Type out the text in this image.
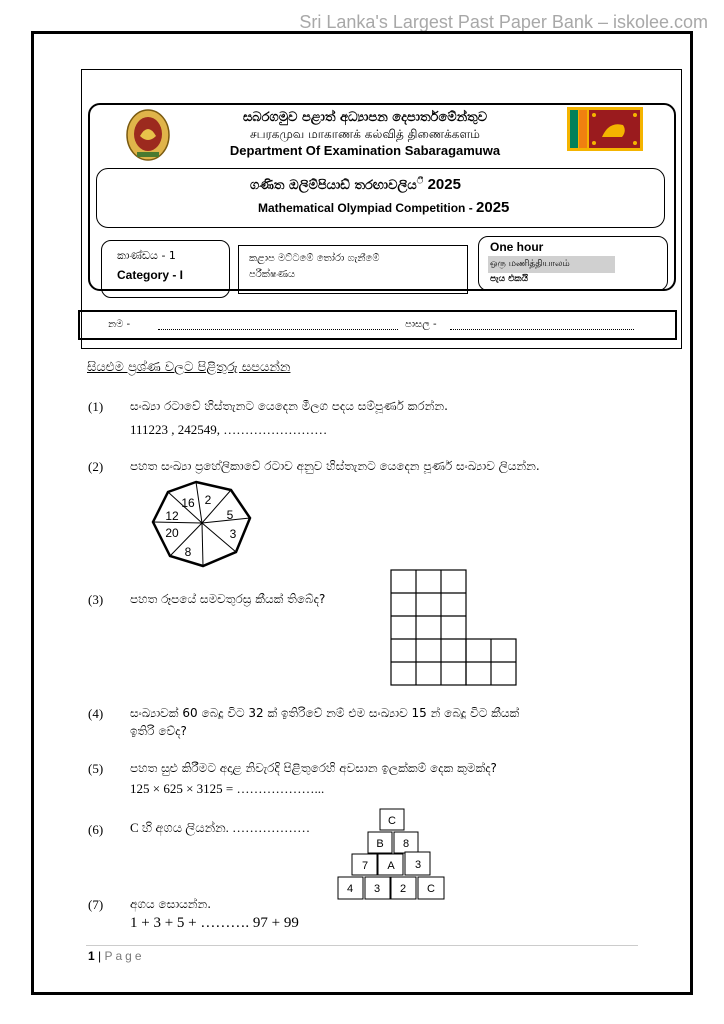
Sri Lanka's Largest Past Paper Bank – iskolee.com
සබරගමුව පළාත් අධ්‍යාපන දෙපාර්තමේන්තුව
சபரகமுவ மாகாணக் கல்வித் திணைக்களம்
Department Of Examination Sabaragamuwa
ගණිත ඔලිම්පියාඩ් තරඟාවලියී 2025
Mathematical Olympiad Competition - 2025
කාණ්ඩය - 1
Category - I
කළාප මට්ටමේ තෝරා ගැනීමේ
පරීක්ෂණය
One hour
ஒரு மணித்தியாலம்
පැය එකයි
නම -	පාසල -
සියළුම ප්‍රශ්ණ වලට පිළිතුරු සපයන්න
(1) සංඛ්‍යා රටාවේ හිස්තැනට යෙදෙන මීලග පදය සම්පූර්ණ කරන්න.
111223 , 242549, ……………………
(2) පහත සංඛ්‍යා ප්‍රහේලිකාවේ රටාව අනුව හිස්තැනට යෙදෙන පූර්ණ සංඛ්‍යාව ලියන්න.
16 2
12	5
20	3
8
(3) පහත රූපයේ සමචතුරස්‍ර කීයක් තිබේද?
(4) සංඛ්‍යාවක් 60 බෙදූ විට 32 ක් ඉතිරිවේ නම් එම සංඛ්‍යාව 15 න් බෙදූ විට කීයක්
ඉතිරි වේද?
(5) පහත සුළු කිරීමට අදාළ නිවැරදි පිළිතුරෙහි අවසාන ඉලක්කම් දෙක කුමක්ද?
125 × 625 × 3125 = ………………...
(6) C හි අගය ලියන්න. ………………	C
B 8
7 A 3
4 3 2 C
(7) අගය සොයන්න.
1 + 3 + 5 + ………. 97 + 99
1 | Page
